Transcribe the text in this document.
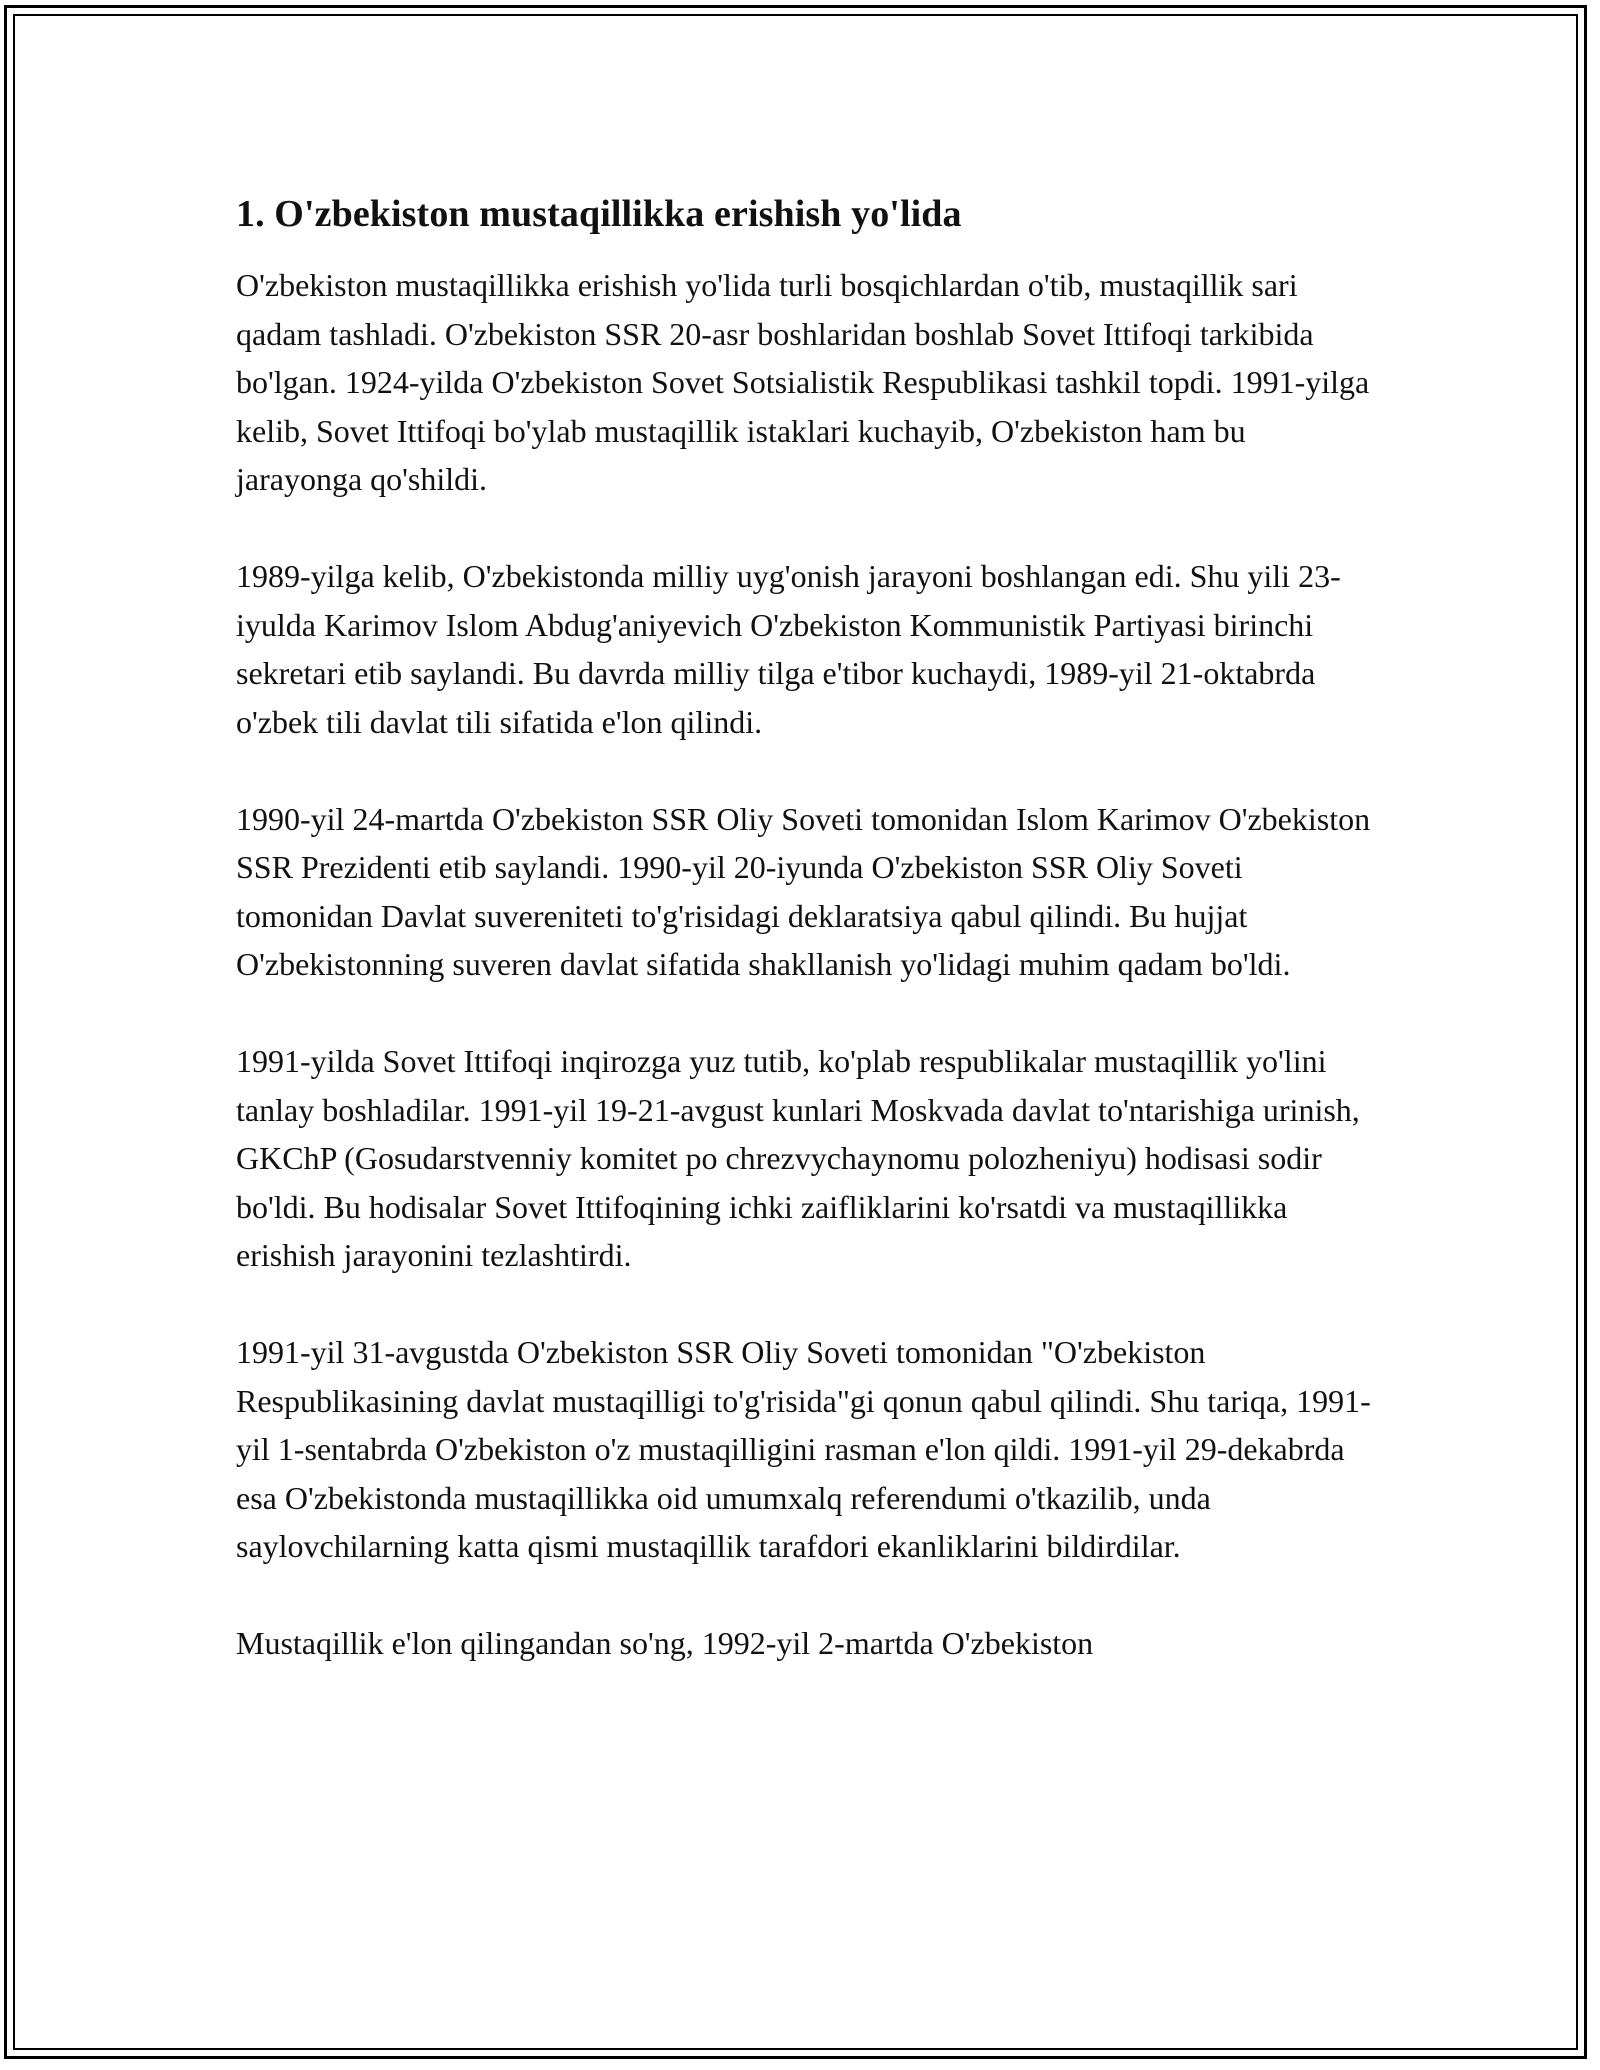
1. O'zbekiston mustaqillikka erishish yo'lida

O'zbekiston mustaqillikka erishish yo'lida turli bosqichlardan o'tib, mustaqillik sari qadam tashladi. O'zbekiston SSR 20-asr boshlaridan boshlab Sovet Ittifoqi tarkibida bo'lgan. 1924-yilda O'zbekiston Sovet Sotsialistik Respublikasi tashkil topdi. 1991-yilga kelib, Sovet Ittifoqi bo'ylab mustaqillik istaklari kuchayib, O'zbekiston ham bu jarayonga qo'shildi.

1989-yilga kelib, O'zbekistonda milliy uyg'onish jarayoni boshlangan edi. Shu yili 23-iyulda Karimov Islom Abdug'aniyevich O'zbekiston Kommunistik Partiyasi birinchi sekretari etib saylandi. Bu davrda milliy tilga e'tibor kuchaydi, 1989-yil 21-oktabrda o'zbek tili davlat tili sifatida e'lon qilindi.

1990-yil 24-martda O'zbekiston SSR Oliy Soveti tomonidan Islom Karimov O'zbekiston SSR Prezidenti etib saylandi. 1990-yil 20-iyunda O'zbekiston SSR Oliy Soveti tomonidan Davlat suvereniteti to'g'risidagi deklaratsiya qabul qilindi. Bu hujjat O'zbekistonning suveren davlat sifatida shakllanish yo'lidagi muhim qadam bo'ldi.

1991-yilda Sovet Ittifoqi inqirozga yuz tutib, ko'plab respublikalar mustaqillik yo'lini tanlay boshladilar. 1991-yil 19-21-avgust kunlari Moskvada davlat to'ntarishiga urinish, GKChP (Gosudarstvenniy komitet po chrezvychaynomu polozheniyu) hodisasi sodir bo'ldi. Bu hodisalar Sovet Ittifoqining ichki zaifliklarini ko'rsatdi va mustaqillikka erishish jarayonini tezlashtirdi.

1991-yil 31-avgustda O'zbekiston SSR Oliy Soveti tomonidan "O'zbekiston Respublikasining davlat mustaqilligi to'g'risida"gi qonun qabul qilindi. Shu tariqa, 1991-yil 1-sentabrda O'zbekiston o'z mustaqilligini rasman e'lon qildi. 1991-yil 29-dekabrda esa O'zbekistonda mustaqillikka oid umumxalq referendumi o'tkazilib, unda saylovchilarning katta qismi mustaqillik tarafdori ekanliklarini bildirdilar.

Mustaqillik e'lon qilingandan so'ng, 1992-yil 2-martda O'zbekiston
